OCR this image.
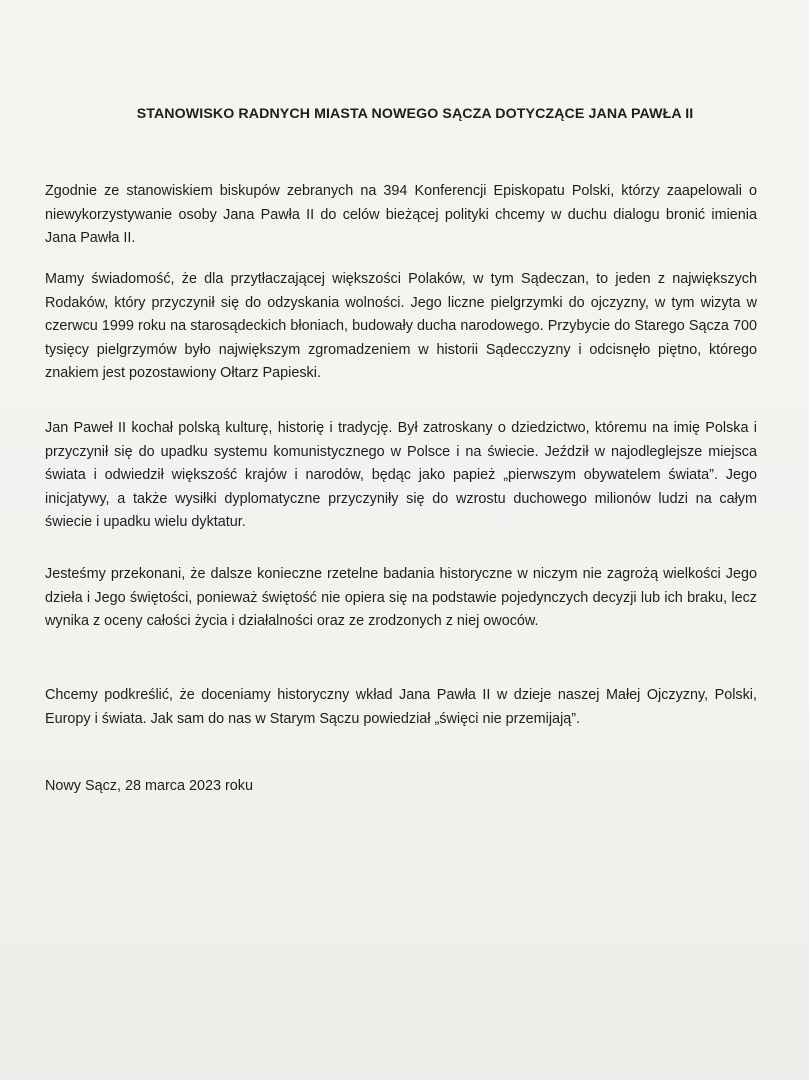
STANOWISKO RADNYCH MIASTA NOWEGO SĄCZA DOTYCZĄCE JANA PAWŁA II

Zgodnie ze stanowiskiem biskupów zebranych na 394 Konferencji Episkopatu Polski, którzy zaapelowali o niewykorzystywanie osoby Jana Pawła II do celów bieżącej polityki chcemy w duchu dialogu bronić imienia Jana Pawła II.

Mamy świadomość, że dla przytłaczającej większości Polaków, w tym Sądeczan, to jeden z największych Rodaków, który przyczynił się do odzyskania wolności. Jego liczne pielgrzymki do ojczyzny, w tym wizyta w czerwcu 1999 roku na starosądeckich błoniach, budowały ducha narodowego. Przybycie do Starego Sącza 700 tysięcy pielgrzymów było największym zgromadzeniem w historii Sądecczyzny i odcisnęło piętno, którego znakiem jest pozostawiony Ołtarz Papieski.

Jan Paweł II kochał polską kulturę, historię i tradycję. Był zatroskany o dziedzictwo, któremu na imię Polska i przyczynił się do upadku systemu komunistycznego w Polsce i na świecie. Jeździł w najodleglejsze miejsca świata i odwiedził większość krajów i narodów, będąc jako papież „pierwszym obywatelem świata”. Jego inicjatywy, a także wysiłki dyplomatyczne przyczyniły się do wzrostu duchowego milionów ludzi na całym świecie i upadku wielu dyktatur.

Jesteśmy przekonani, że dalsze konieczne rzetelne badania historyczne w niczym nie zagrożą wielkości Jego dzieła i Jego świętości, ponieważ świętość nie opiera się na podstawie pojedynczych decyzji lub ich braku, lecz wynika z oceny całości życia i działalności oraz ze zrodzonych z niej owoców.

Chcemy podkreślić, że doceniamy historyczny wkład Jana Pawła II w dzieje naszej Małej Ojczyzny, Polski, Europy i świata. Jak sam do nas w Starym Sączu powiedział „święci nie przemijają”.

Nowy Sącz, 28 marca 2023 roku
